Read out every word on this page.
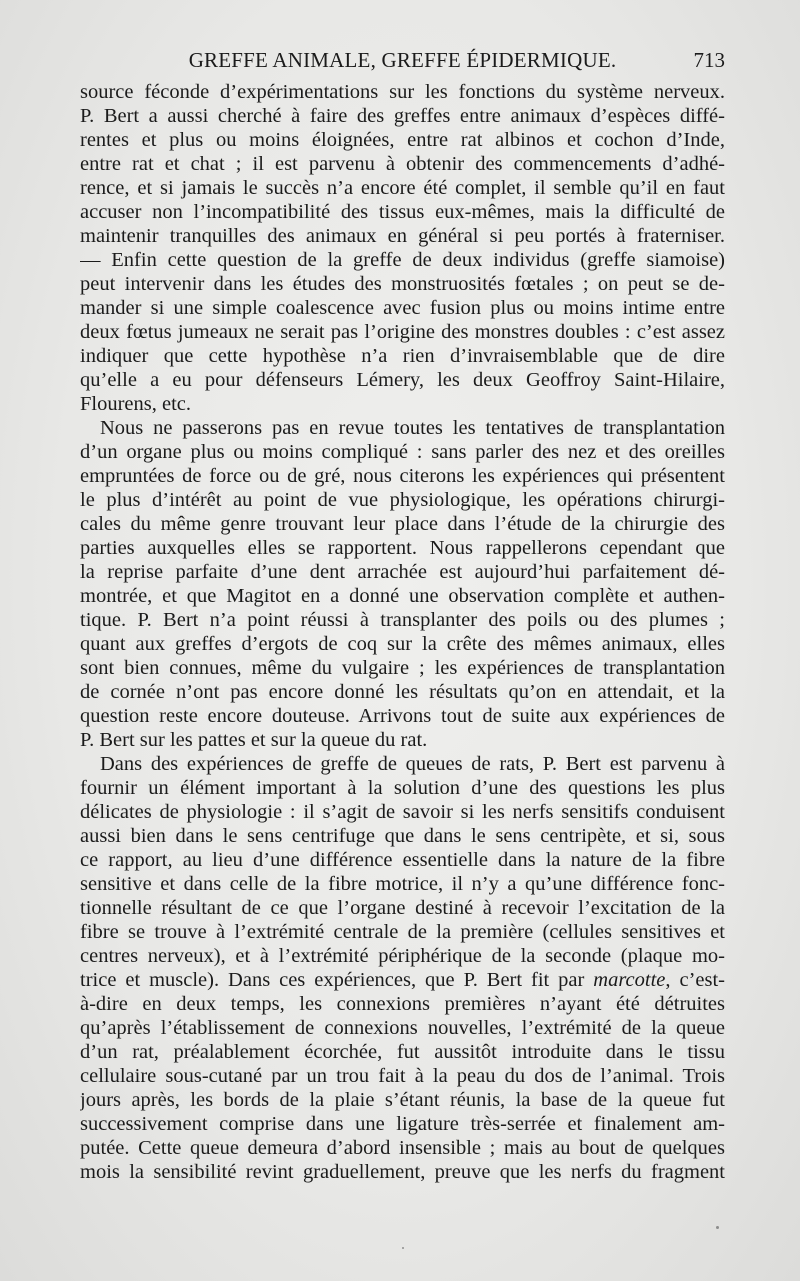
GREFFE ANIMALE, GREFFE ÉPIDERMIQUE.	713
source féconde d’expérimentations sur les fonctions du système nerveux.
P. Bert a aussi cherché à faire des greffes entre animaux d’espèces diffé-
rentes et plus ou moins éloignées, entre rat albinos et cochon d’Inde,
entre rat et chat ; il est parvenu à obtenir des commencements d’adhé-
rence, et si jamais le succès n’a encore été complet, il semble qu’il en faut
accuser non l’incompatibilité des tissus eux-mêmes, mais la difficulté de
maintenir tranquilles des animaux en général si peu portés à fraterniser.
— Enfin cette question de la greffe de deux individus (greffe siamoise)
peut intervenir dans les études des monstruosités fœtales ; on peut se de-
mander si une simple coalescence avec fusion plus ou moins intime entre
deux fœtus jumeaux ne serait pas l’origine des monstres doubles : c’est assez
indiquer que cette hypothèse n’a rien d’invraisemblable que de dire
qu’elle a eu pour défenseurs Lémery, les deux Geoffroy Saint-Hilaire,
Flourens, etc.
Nous ne passerons pas en revue toutes les tentatives de transplantation
d’un organe plus ou moins compliqué : sans parler des nez et des oreilles
empruntées de force ou de gré, nous citerons les expériences qui présentent
le plus d’intérêt au point de vue physiologique, les opérations chirurgi-
cales du même genre trouvant leur place dans l’étude de la chirurgie des
parties auxquelles elles se rapportent. Nous rappellerons cependant que
la reprise parfaite d’une dent arrachée est aujourd’hui parfaitement dé-
montrée, et que Magitot en a donné une observation complète et authen-
tique. P. Bert n’a point réussi à transplanter des poils ou des plumes ;
quant aux greffes d’ergots de coq sur la crête des mêmes animaux, elles
sont bien connues, même du vulgaire ; les expériences de transplantation
de cornée n’ont pas encore donné les résultats qu’on en attendait, et la
question reste encore douteuse. Arrivons tout de suite aux expériences de
P. Bert sur les pattes et sur la queue du rat.
Dans des expériences de greffe de queues de rats, P. Bert est parvenu à
fournir un élément important à la solution d’une des questions les plus
délicates de physiologie : il s’agit de savoir si les nerfs sensitifs conduisent
aussi bien dans le sens centrifuge que dans le sens centripète, et si, sous
ce rapport, au lieu d’une différence essentielle dans la nature de la fibre
sensitive et dans celle de la fibre motrice, il n’y a qu’une différence fonc-
tionnelle résultant de ce que l’organe destiné à recevoir l’excitation de la
fibre se trouve à l’extrémité centrale de la première (cellules sensitives et
centres nerveux), et à l’extrémité périphérique de la seconde (plaque mo-
trice et muscle). Dans ces expériences, que P. Bert fit par marcotte, c’est-
à-dire en deux temps, les connexions premières n’ayant été détruites
qu’après l’établissement de connexions nouvelles, l’extrémité de la queue
d’un rat, préalablement écorchée, fut aussitôt introduite dans le tissu
cellulaire sous-cutané par un trou fait à la peau du dos de l’animal. Trois
jours après, les bords de la plaie s’étant réunis, la base de la queue fut
successivement comprise dans une ligature très-serrée et finalement am-
putée. Cette queue demeura d’abord insensible ; mais au bout de quelques
mois la sensibilité revint graduellement, preuve que les nerfs du fragment
